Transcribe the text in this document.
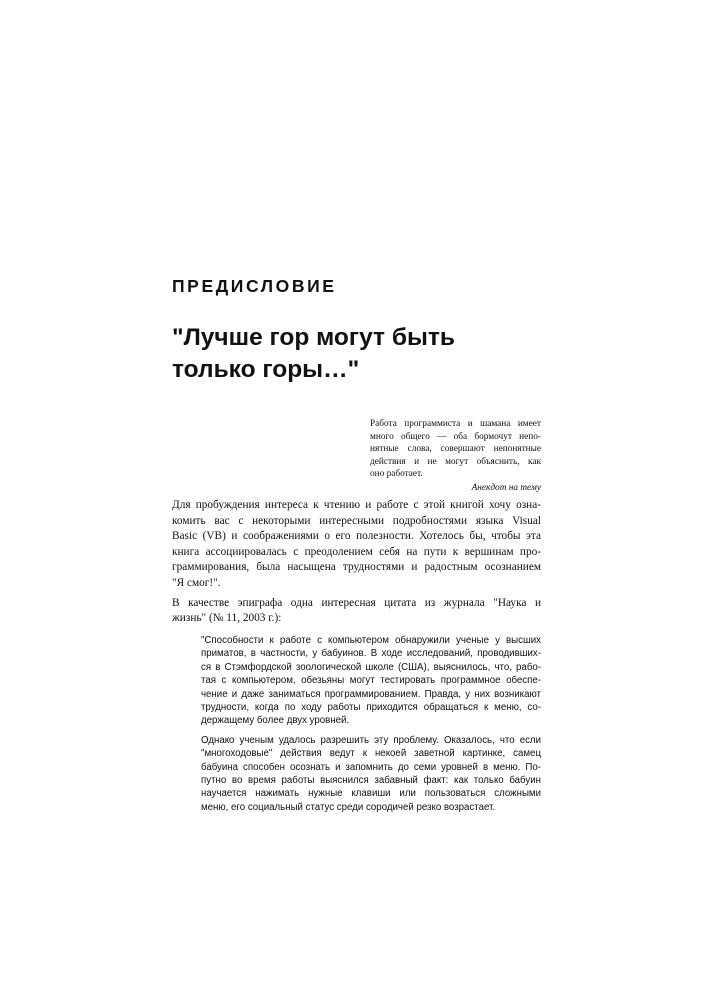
ПРЕДИСЛОВИЕ
"Лучше гор могут быть
только горы…"
Работа программиста и шамана имеет
много общего — оба бормочут непо-
нятные слова, совершают непонятные
действия и не могут объяснить, как
оно работает.
Анекдот на тему
Для пробуждения интереса к чтению и работе с этой книгой хочу озна-
комить вас с некоторыми интересными подробностями языка Visual
Basic (VB) и соображениями о его полезности. Хотелось бы, чтобы эта
книга ассоциировалась с преодолением себя на пути к вершинам про-
граммирования, была насыщена трудностями и радостным осознанием
"Я смог!".
В качестве эпиграфа одна интересная цитата из журнала "Наука и
жизнь" (№ 11, 2003 г.):
"Способности к работе с компьютером обнаружили ученые у высших
приматов, в частности, у бабуинов. В ходе исследований, проводивших-
ся в Стэмфордской зоологической школе (США), выяснилось, что, рабо-
тая с компьютером, обезьяны могут тестировать программное обеспе-
чение и даже заниматься программированием. Правда, у них возникают
трудности, когда по ходу работы приходится обращаться к меню, со-
держащему более двух уровней.
Однако ученым удалось разрешить эту проблему. Оказалось, что если
"многоходовые" действия ведут к некоей заветной картинке, самец
бабуина способен осознать и запомнить до семи уровней в меню. По-
путно во время работы выяснился забавный факт: как только бабуин
научается нажимать нужные клавиши или пользоваться сложными
меню, его социальный статус среди сородичей резко возрастает.
